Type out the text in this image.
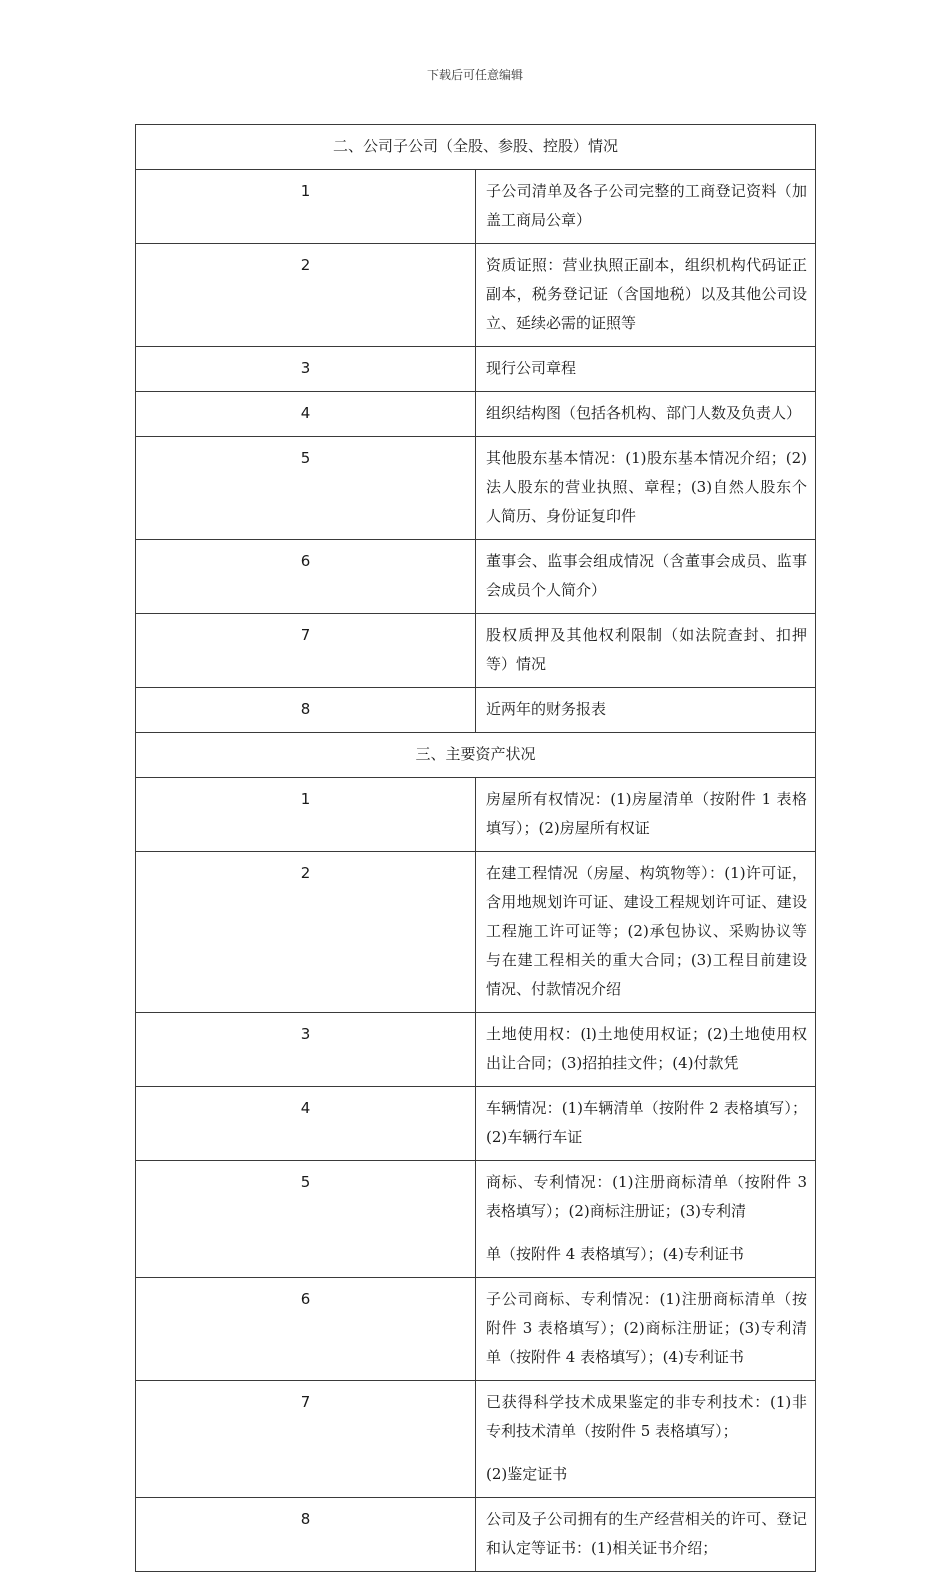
下载后可任意编辑
二、公司子公司（全股、参股、控股）情况	
1	子公司清单及各子公司完整的工商登记资料（加盖工商局公章）

2	资质证照：营业执照正副本，组织机构代码证正副本，税务登记证（含国地税）以及其他公司设立、延续必需的证照等

3	现行公司章程

4	组织结构图（包括各机构、部门人数及负责人）

5	其他股东基本情况：(1)股东基本情况介绍；(2)法人股东的营业执照、章程；(3)自然人股东个人简历、身份证复印件

6	董事会、监事会组成情况（含董事会成员、监事会成员个人简介）

7	股权质押及其他权利限制（如法院查封、扣押等）情况

8	近两年的财务报表

三、主要资产状况	
1	房屋所有权情况：(1)房屋清单（按附件 1 表格填写）；(2)房屋所有权证

2	在建工程情况（房屋、构筑物等）：(1)许可证，含用地规划许可证、建设工程规划许可证、建设工程施工许可证等；(2)承包协议、采购协议等与在建工程相关的重大合同；(3)工程目前建设情况、付款情况介绍

3	土地使用权：(l)土地使用权证；(2)土地使用权出让合同；(3)招拍挂文件；(4)付款凭

4	车辆情况：(1)车辆清单（按附件 2 表格填写）；(2)车辆行车证

5	商标、专利情况：(1)注册商标清单（按附件 3 表格填写）；(2)商标注册证；(3)专利清
单（按附件 4 表格填写）；(4)专利证书

6	子公司商标、专利情况：(1)注册商标清单（按附件 3 表格填写）；(2)商标注册证；(3)专利清单（按附件 4 表格填写）；(4)专利证书

7	已获得科学技术成果鉴定的非专利技术：(1)非专利技术清单（按附件 5 表格填写）；
(2)鉴定证书

8	公司及子公司拥有的生产经营相关的许可、登记和认定等证书：(1)相关证书介绍；
